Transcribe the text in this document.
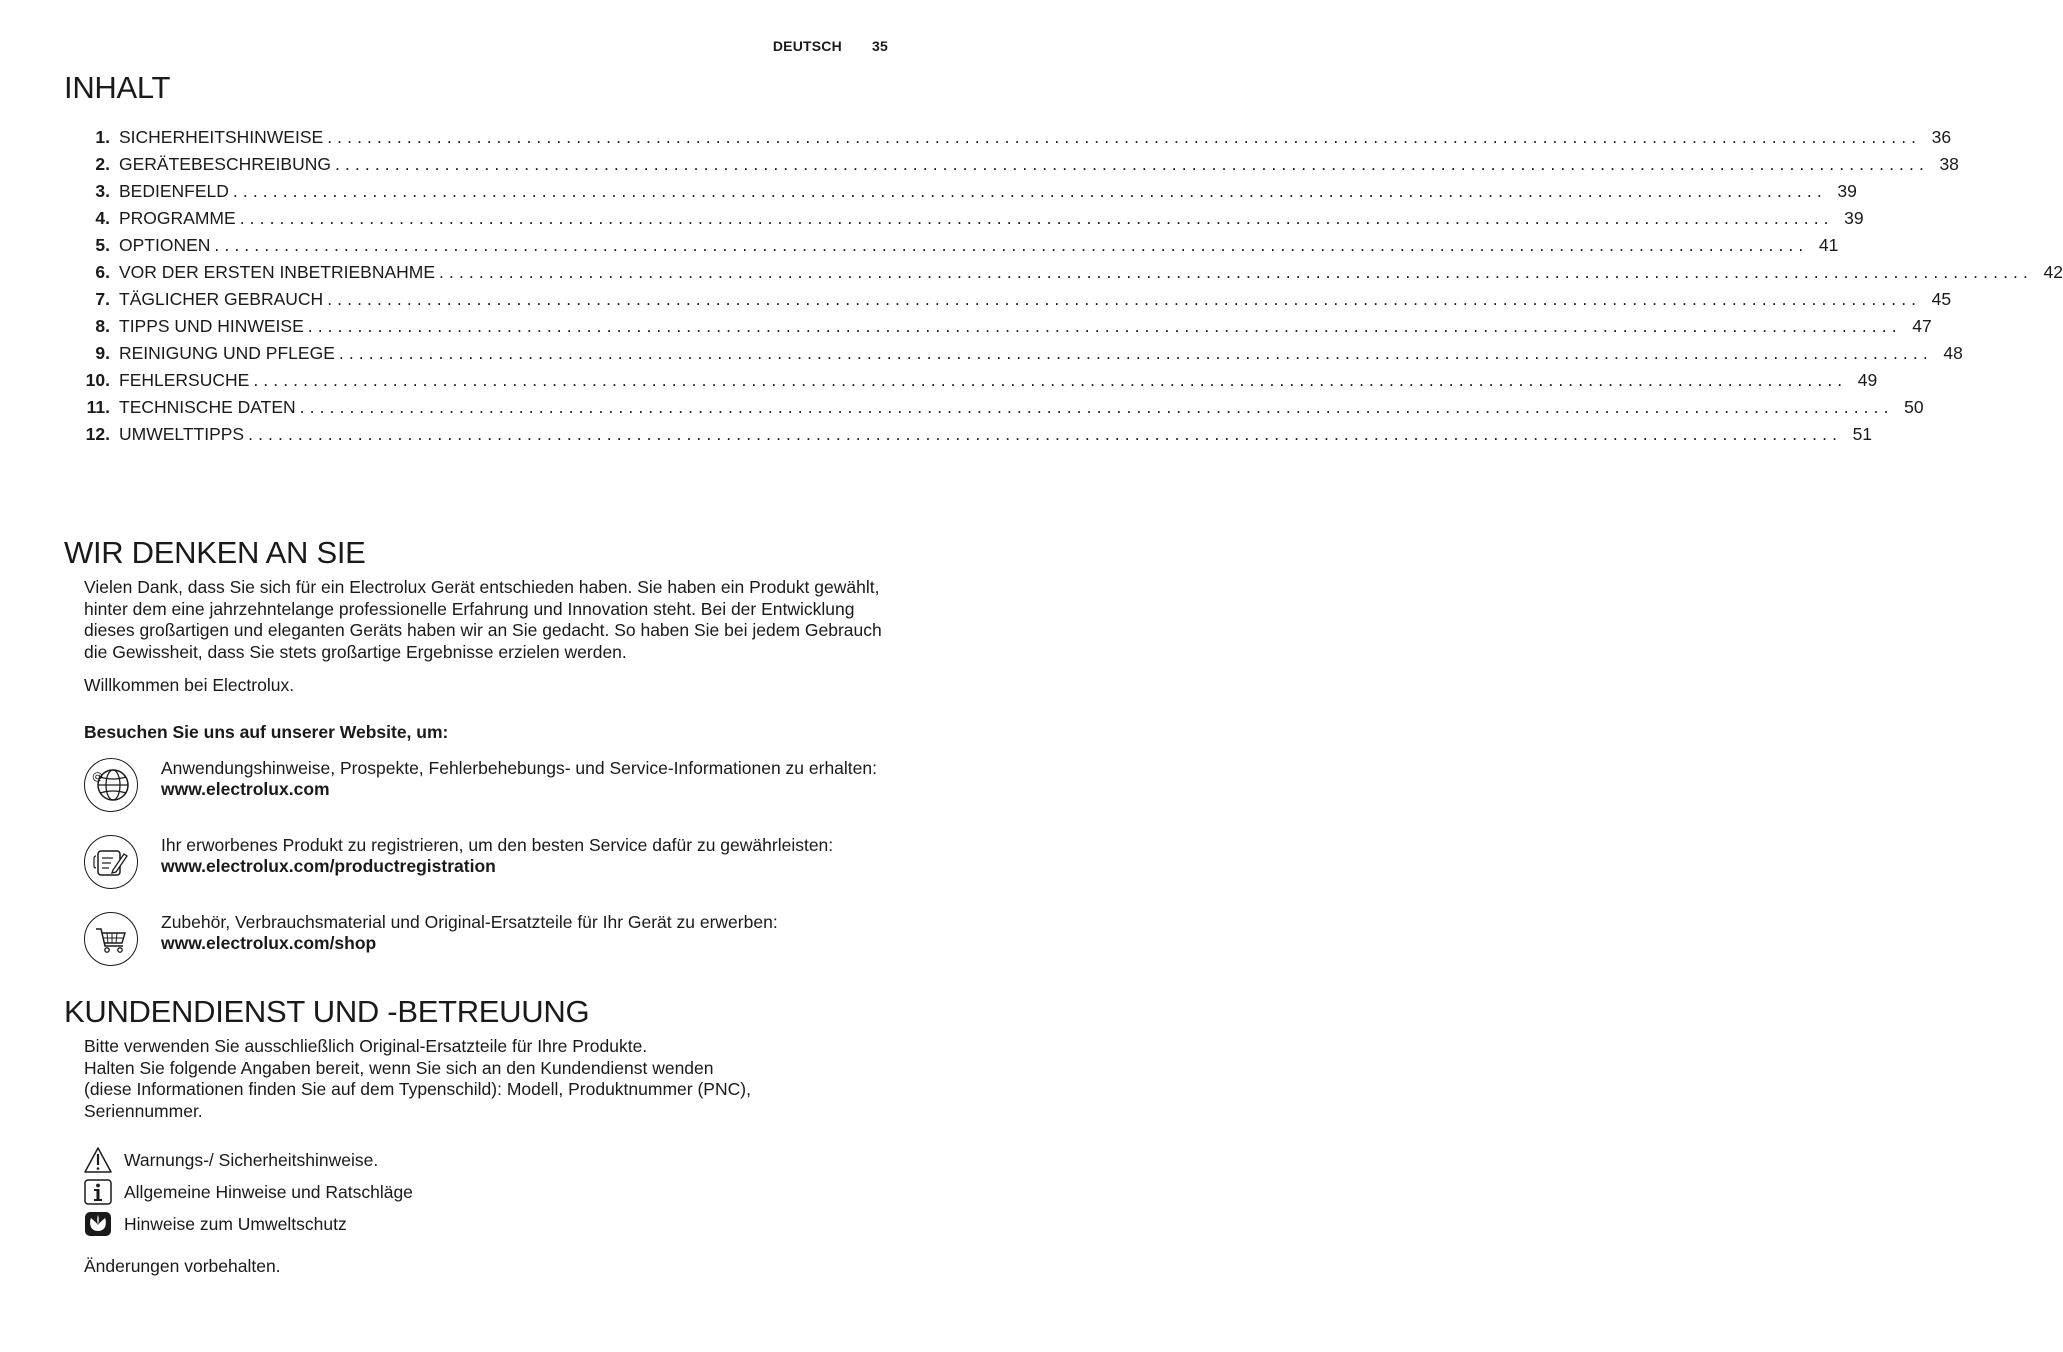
DEUTSCH 35
INHALT
1. SICHERHEITSHINWEISE ................................................................................................................................................................ 36
2. GERÄTEBESCHREIBUNG ................................................................................................................................................................ 38
3. BEDIENFELD ................................................................................................................................................................ 39
4. PROGRAMME ................................................................................................................................................................ 39
5. OPTIONEN ................................................................................................................................................................ 41
6. VOR DER ERSTEN INBETRIEBNAHME ................................................................................................................................................................ 42
7. TÄGLICHER GEBRAUCH ................................................................................................................................................................ 45
8. TIPPS UND HINWEISE ................................................................................................................................................................ 47
9. REINIGUNG UND PFLEGE ................................................................................................................................................................ 48
10. FEHLERSUCHE ................................................................................................................................................................ 49
11. TECHNISCHE DATEN ................................................................................................................................................................ 50
12. UMWELTTIPPS ................................................................................................................................................................ 51
WIR DENKEN AN SIE

Vielen Dank, dass Sie sich für ein Electrolux Gerät entschieden haben. Sie haben ein Produkt gewählt, hinter dem eine jahrzehntelange professionelle Erfahrung und Innovation steht. Bei der Entwicklung dieses großartigen und eleganten Geräts haben wir an Sie gedacht. So haben Sie bei jedem Gebrauch die Gewissheit, dass Sie stets großartige Ergebnisse erzielen werden.

Willkommen bei Electrolux.

Besuchen Sie uns auf unserer Website, um:

@	Anwendungshinweise, Prospekte, Fehlerbehebungs- und Service-Informationen zu erhalten:
www.electrolux.com
Ihr erworbenes Produkt zu registrieren, um den besten Service dafür zu gewährleisten:
www.electrolux.com/productregistration
Zubehör, Verbrauchsmaterial und Original-Ersatzteile für Ihr Gerät zu erwerben:
www.electrolux.com/shop
KUNDENDIENST UND -BETREUUNG
Bitte verwenden Sie ausschließlich Original-Ersatzteile für Ihre Produkte.
Halten Sie folgende Angaben bereit, wenn Sie sich an den Kundendienst wenden
(diese Informationen finden Sie auf dem Typenschild): Modell, Produktnummer (PNC),
Seriennummer.
Warnungs-/ Sicherheitshinweise.
Allgemeine Hinweise und Ratschläge
Hinweise zum Umweltschutz

Änderungen vorbehalten.
